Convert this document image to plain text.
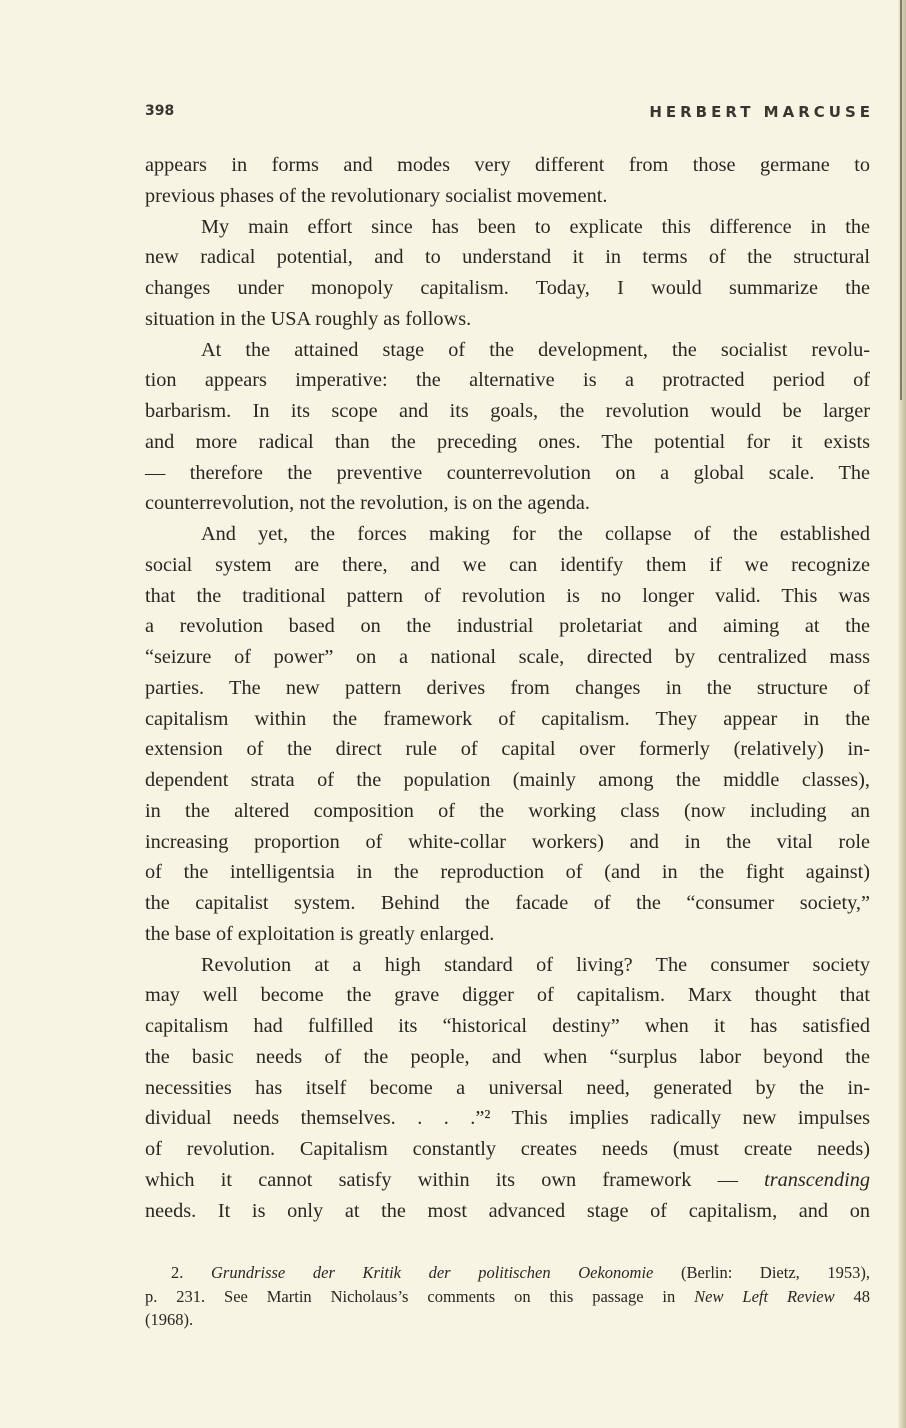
398	HERBERT MARCUSE
appears in forms and modes very different from those germane to
previous phases of the revolutionary socialist movement.
My main effort since has been to explicate this difference in the
new radical potential, and to understand it in terms of the structural
changes under monopoly capitalism. Today, I would summarize the
situation in the USA roughly as follows.
At the attained stage of the development, the socialist revolu-
tion appears imperative: the alternative is a protracted period of
barbarism. In its scope and its goals, the revolution would be larger
and more radical than the preceding ones. The potential for it exists
— therefore the preventive counterrevolution on a global scale. The
counterrevolution, not the revolution, is on the agenda.
And yet, the forces making for the collapse of the established
social system are there, and we can identify them if we recognize
that the traditional pattern of revolution is no longer valid. This was
a revolution based on the industrial proletariat and aiming at the
“seizure of power” on a national scale, directed by centralized mass
parties. The new pattern derives from changes in the structure of
capitalism within the framework of capitalism. They appear in the
extension of the direct rule of capital over formerly (relatively) in-
dependent strata of the population (mainly among the middle classes),
in the altered composition of the working class (now including an
increasing proportion of white-collar workers) and in the vital role
of the intelligentsia in the reproduction of (and in the fight against)
the capitalist system. Behind the facade of the “consumer society,”
the base of exploitation is greatly enlarged.
Revolution at a high standard of living? The consumer society
may well become the grave digger of capitalism. Marx thought that
capitalism had fulfilled its “historical destiny” when it has satisfied
the basic needs of the people, and when “surplus labor beyond the
necessities has itself become a universal need, generated by the in-
dividual needs themselves. . . .”² This implies radically new impulses
of revolution. Capitalism constantly creates needs (must create needs)
which it cannot satisfy within its own framework — transcending
needs. It is only at the most advanced stage of capitalism, and on
2. Grundrisse der Kritik der politischen Oekonomie (Berlin: Dietz, 1953),
p. 231. See Martin Nicholaus’s comments on this passage in New Left Review 48
(1968).
